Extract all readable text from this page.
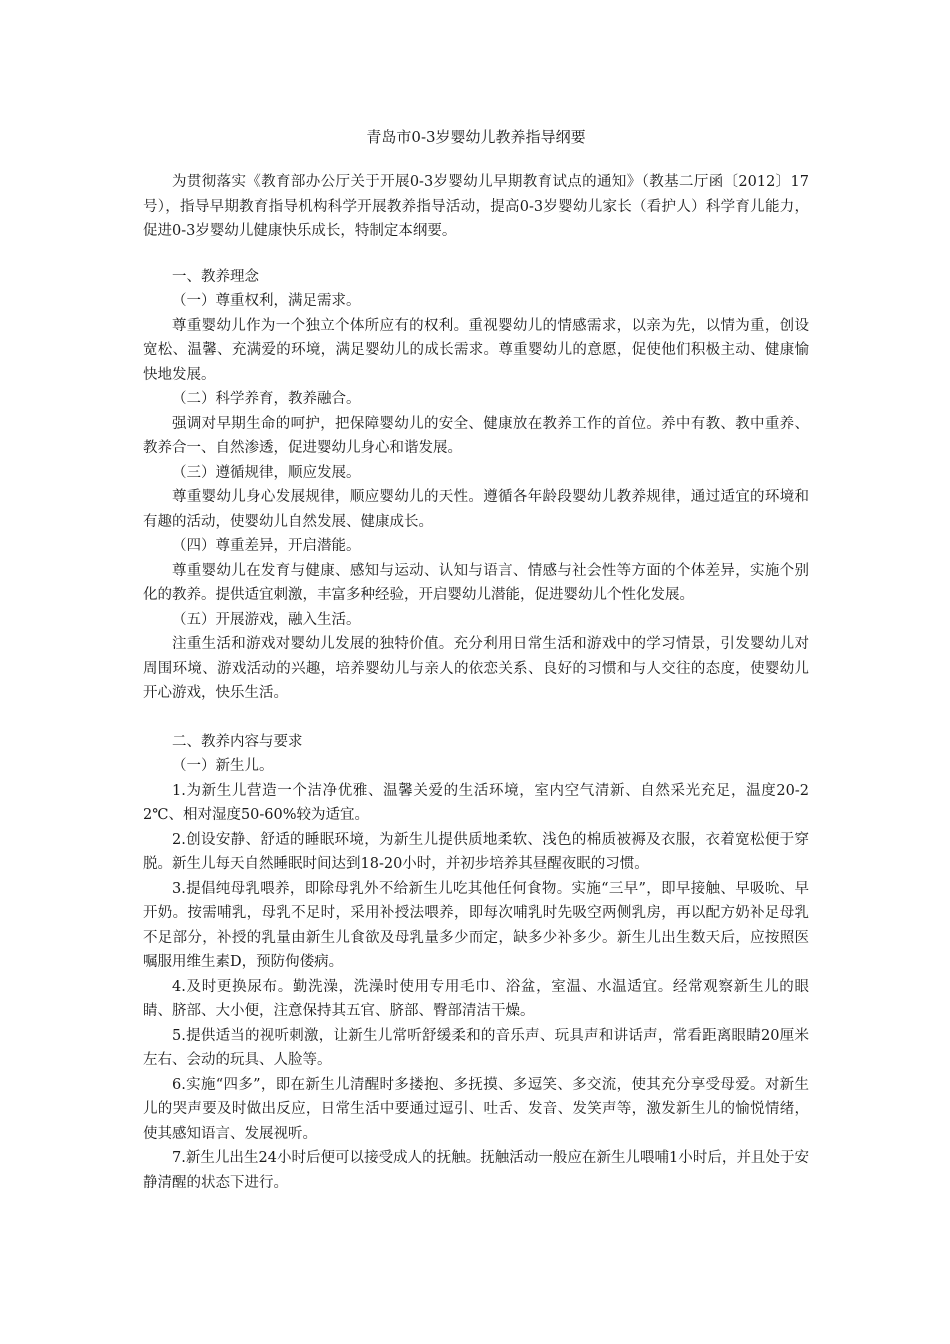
青岛市0-3岁婴幼儿教养指导纲要

为贯彻落实《教育部办公厅关于开展0-3岁婴幼儿早期教育试点的通知》（教基二厅函〔2012〕17号），指导早期教育指导机构科学开展教养指导活动，提高0-3岁婴幼儿家长（看护人）科学育儿能力，促进0-3岁婴幼儿健康快乐成长，特制定本纲要。

一、教养理念

（一）尊重权利，满足需求。

尊重婴幼儿作为一个独立个体所应有的权利。重视婴幼儿的情感需求，以亲为先，以情为重，创设宽松、温馨、充满爱的环境，满足婴幼儿的成长需求。尊重婴幼儿的意愿，促使他们积极主动、健康愉快地发展。

（二）科学养育，教养融合。

强调对早期生命的呵护，把保障婴幼儿的安全、健康放在教养工作的首位。养中有教、教中重养、教养合一、自然渗透，促进婴幼儿身心和谐发展。

（三）遵循规律，顺应发展。

尊重婴幼儿身心发展规律，顺应婴幼儿的天性。遵循各年龄段婴幼儿教养规律，通过适宜的环境和有趣的活动，使婴幼儿自然发展、健康成长。

（四）尊重差异，开启潜能。

尊重婴幼儿在发育与健康、感知与运动、认知与语言、情感与社会性等方面的个体差异，实施个别化的教养。提供适宜刺激，丰富多种经验，开启婴幼儿潜能，促进婴幼儿个性化发展。

（五）开展游戏，融入生活。

注重生活和游戏对婴幼儿发展的独特价值。充分利用日常生活和游戏中的学习情景，引发婴幼儿对周围环境、游戏活动的兴趣，培养婴幼儿与亲人的依恋关系、良好的习惯和与人交往的态度，使婴幼儿开心游戏，快乐生活。

二、教养内容与要求

（一）新生儿。

1.为新生儿营造一个洁净优雅、温馨关爱的生活环境，室内空气清新、自然采光充足，温度20-22℃、相对湿度50-60%较为适宜。

2.创设安静、舒适的睡眠环境，为新生儿提供质地柔软、浅色的棉质被褥及衣服，衣着宽松便于穿脱。新生儿每天自然睡眠时间达到18-20小时，并初步培养其昼醒夜眠的习惯。

3.提倡纯母乳喂养，即除母乳外不给新生儿吃其他任何食物。实施“三早”，即早接触、早吸吮、早开奶。按需哺乳，母乳不足时，采用补授法喂养，即每次哺乳时先吸空两侧乳房，再以配方奶补足母乳不足部分，补授的乳量由新生儿食欲及母乳量多少而定，缺多少补多少。新生儿出生数天后，应按照医嘱服用维生素D，预防佝偻病。

4.及时更换尿布。勤洗澡，洗澡时使用专用毛巾、浴盆，室温、水温适宜。经常观察新生儿的眼睛、脐部、大小便，注意保持其五官、脐部、臀部清洁干燥。

5.提供适当的视听刺激，让新生儿常听舒缓柔和的音乐声、玩具声和讲话声，常看距离眼睛20厘米左右、会动的玩具、人脸等。

6.实施“四多”，即在新生儿清醒时多搂抱、多抚摸、多逗笑、多交流，使其充分享受母爱。对新生儿的哭声要及时做出反应，日常生活中要通过逗引、吐舌、发音、发笑声等，激发新生儿的愉悦情绪，使其感知语言、发展视听。

7.新生儿出生24小时后便可以接受成人的抚触。抚触活动一般应在新生儿喂哺1小时后，并且处于安静清醒的状态下进行。
